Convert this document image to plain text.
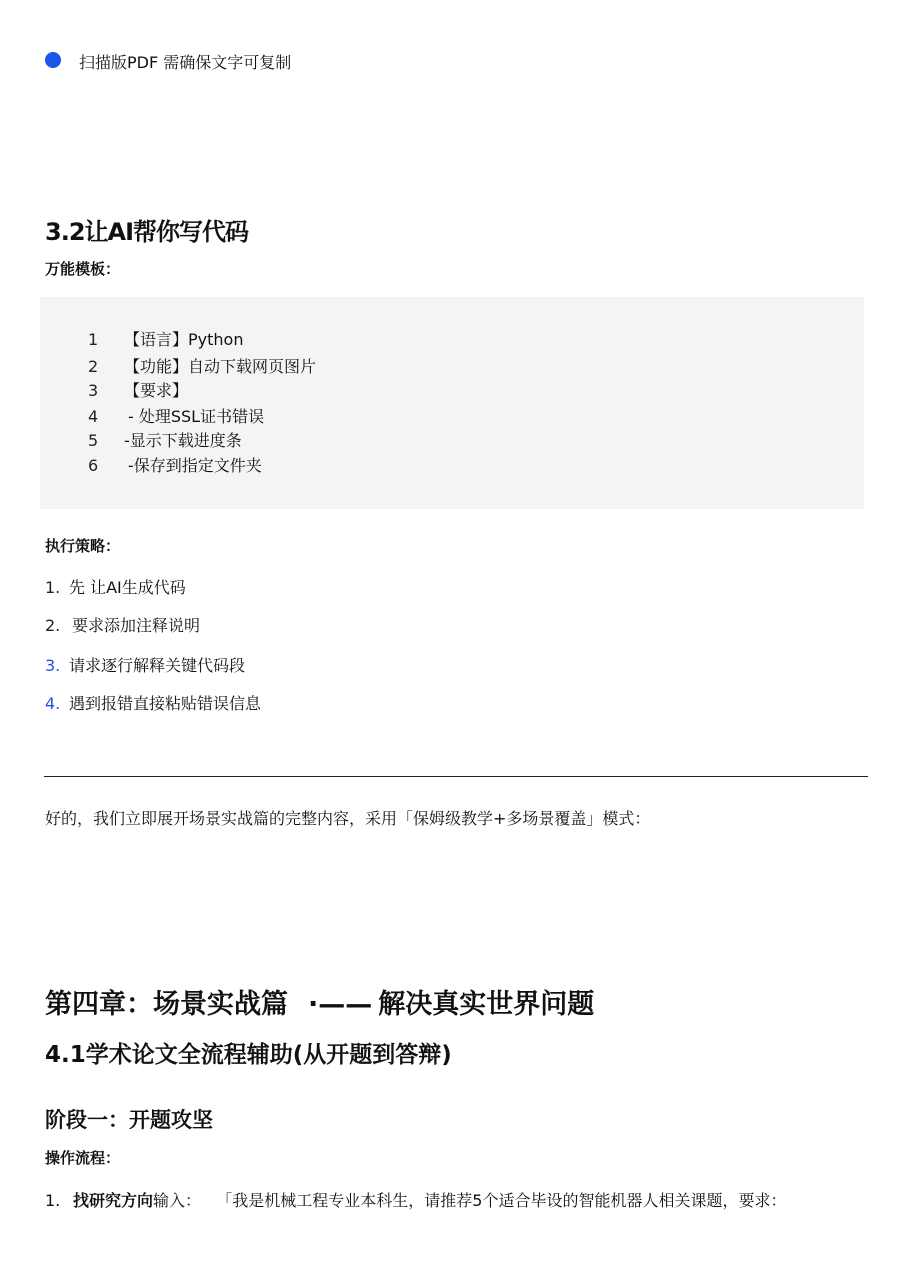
扫描版PDF 需确保文字可复制
3.2让AI帮你写代码
万能模板：
1	【语言】Python
2	【功能】自动下载网页图片
3	【要求】
4	- 处理SSL证书错误
5	-显示下载进度条
6	-保存到指定文件夹
执行策略：
1. 先 让AI生成代码
2. 要求添加注释说明
3. 请求逐行解释关键代码段
4. 遇到报错直接粘贴错误信息
好的，我们立即展开场景实战篇的完整内容，采用「保姆级教学+多场景覆盖」模式：
第四章：场景实战篇 ·—— 解决真实世界问题
4.1学术论文全流程辅助(从开题到答辩)
阶段一：开题攻坚
操作流程：
1. 找研究方向输入： 「我是机械工程专业本科生，请推荐5个适合毕设的智能机器人相关课题，要求：
